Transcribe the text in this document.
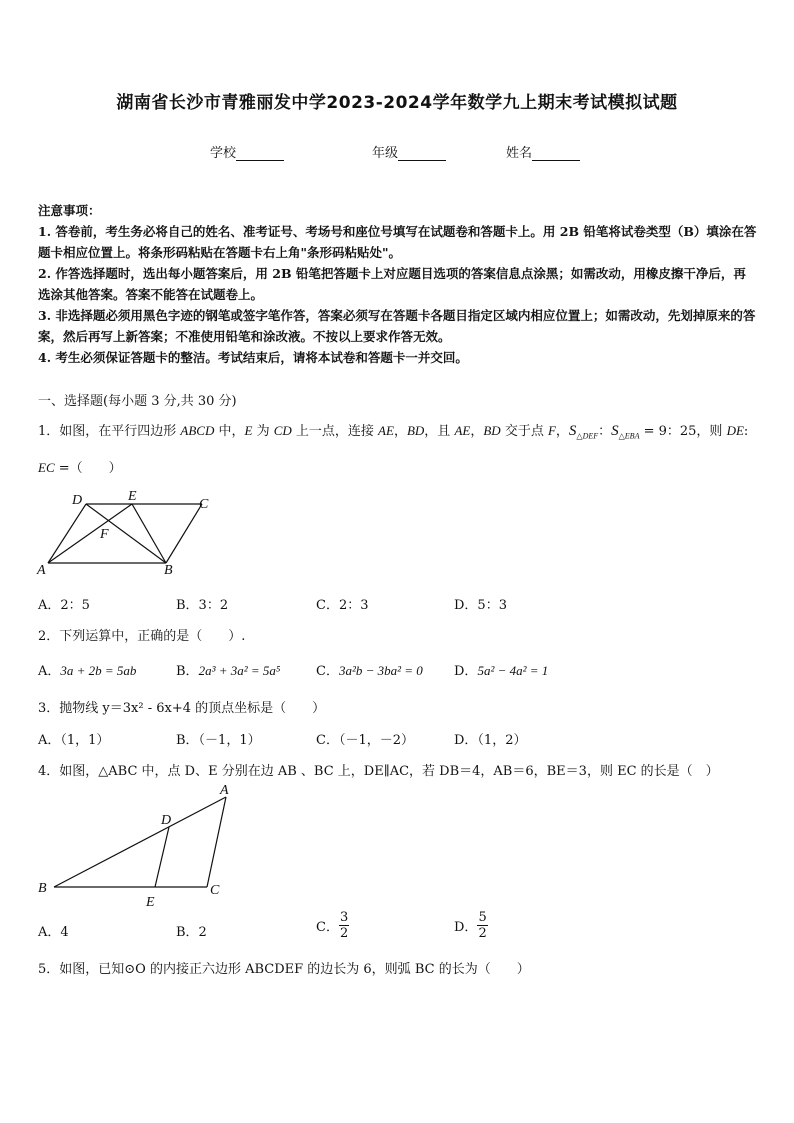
湖南省长沙市青雅丽发中学2023-2024学年数学九上期末考试模拟试题
学校	年级	姓名

注意事项：

1. 答卷前，考生务必将自己的姓名、准考证号、考场号和座位号填写在试题卷和答题卡上。用 2B 铅笔将试卷类型（B）填涂在答题卡相应位置上。将条形码粘贴在答题卡右上角"条形码粘贴处"。

2. 作答选择题时，选出每小题答案后，用 2B 铅笔把答题卡上对应题目选项的答案信息点涂黑；如需改动，用橡皮擦干净后，再选涂其他答案。答案不能答在试题卷上。

3. 非选择题必须用黑色字迹的钢笔或签字笔作答，答案必须写在答题卡各题目指定区域内相应位置上；如需改动，先划掉原来的答案，然后再写上新答案；不准使用铅笔和涂改液。不按以上要求作答无效。

4. 考生必须保证答题卡的整洁。考试结束后，请将本试卷和答题卡一并交回。

一、选择题(每小题 3 分,共 30 分)
1．如图，在平行四边形 ABCD 中，E 为 CD 上一点，连接 AE，BD，且 AE，BD 交于点 F，$S_{\triangle DEF}$：$S_{\triangle EBA} = 9$：25，则 DE:
EC =（　　）
D	E
C
F
A	B
A．2：5	B．3：2	C．2：3	D．5：3
2．下列运算中，正确的是（　　）.
A．3a + 2b = 5ab	B．2a³ + 3a² = 5a⁵	C．3a²b − 3ba² = 0 D．5a² − 4a² = 1
3．抛物线 y＝3x² - 6x+4 的顶点坐标是（　　）
A．（1，1）	B．（－1，1）	C．（－1，－2）	D．（1，2）
4．如图，△ABC 中，点 D、E 分别在边 AB 、BC 上，DE∥AC，若 DB＝4，AB＝6，BE＝3，则 EC 的长是（　）
A
D
B
E
C
A．4	B．2	C． $\frac{3}{2}$	D． $\frac{5}{2}$
5．如图，已知⊙O 的内接正六边形 ABCDEF 的边长为 6，则弧 BC 的长为（　　）
